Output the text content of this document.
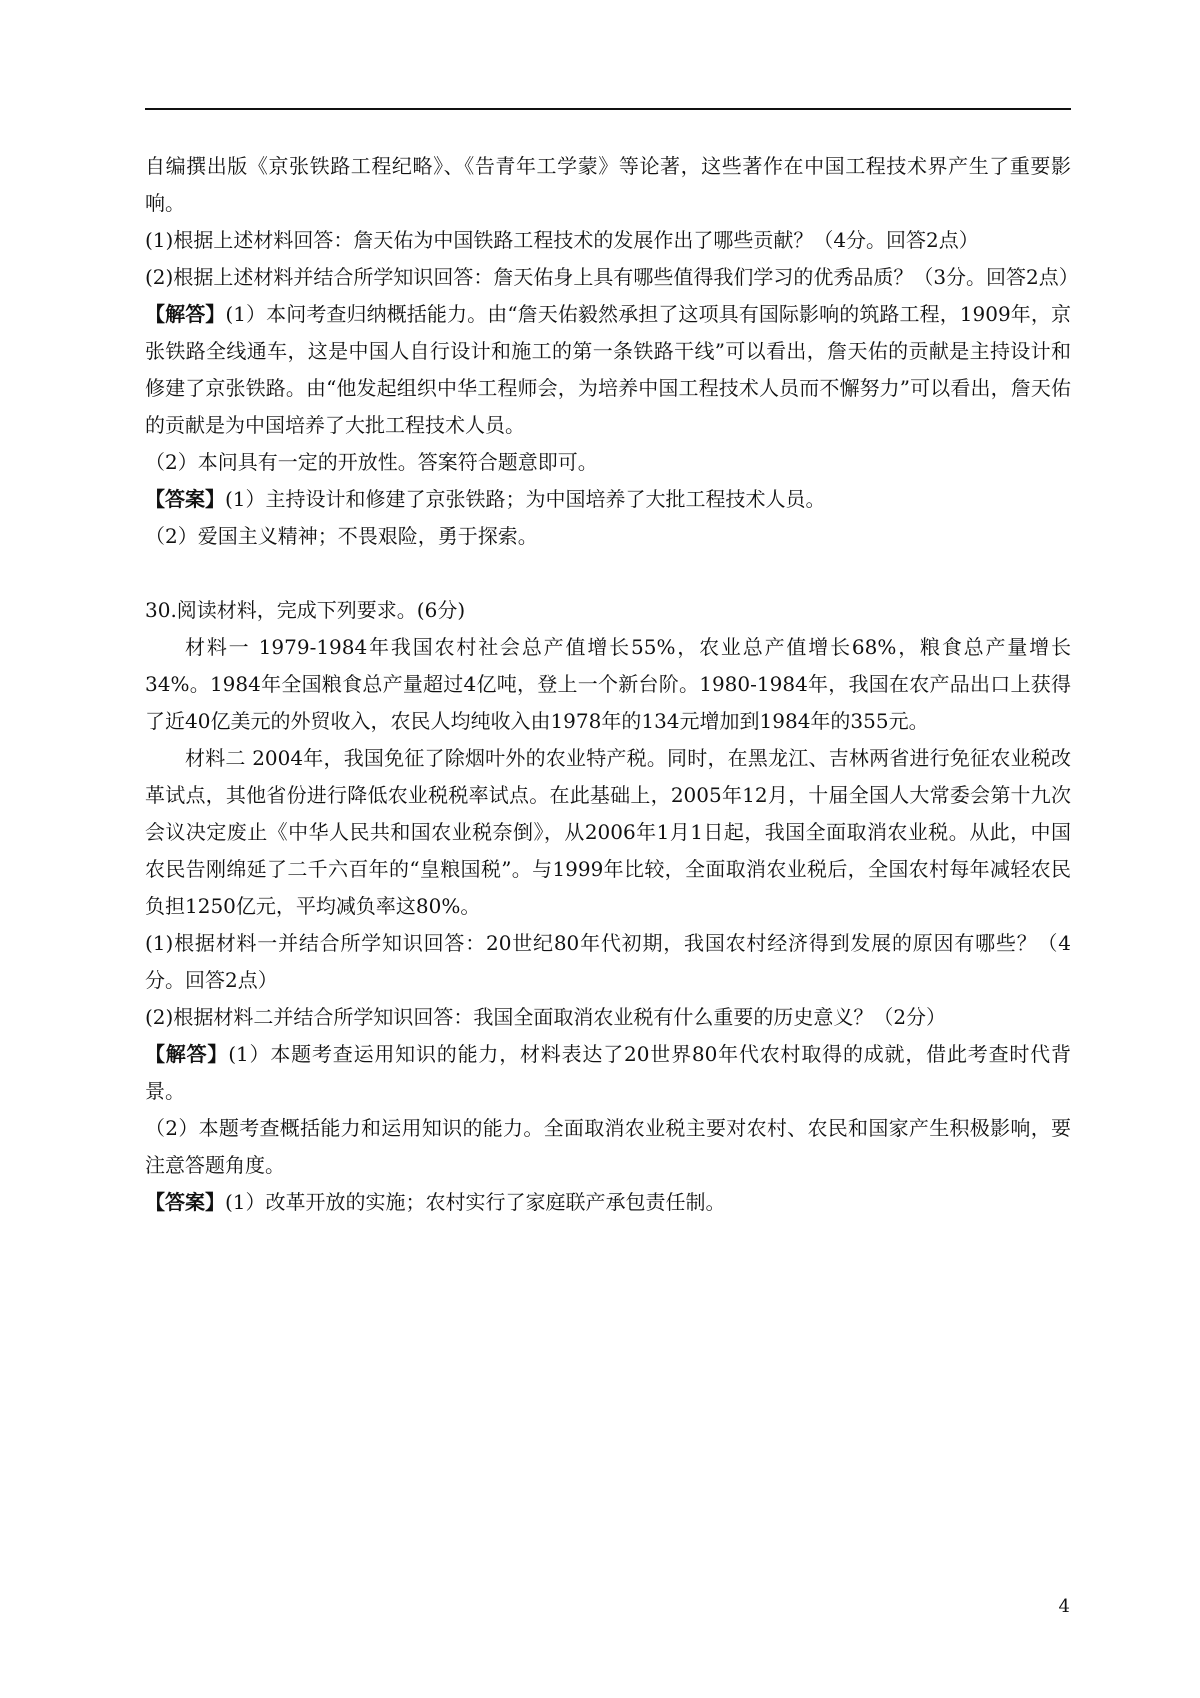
自编撰出版《京张铁路工程纪略》、《告青年工学蒙》等论著，这些著作在中国工程技术界产生了重要影响。

(1)根据上述材料回答：詹天佑为中国铁路工程技术的发展作出了哪些贡献？（4分。回答2点）

(2)根据上述材料并结合所学知识回答：詹天佑身上具有哪些值得我们学习的优秀品质？（3分。回答2点）

【解答】(1）本问考查归纳概括能力。由“詹天佑毅然承担了这项具有国际影响的筑路工程，1909年，京张铁路全线通车，这是中国人自行设计和施工的第一条铁路干线”可以看出，詹天佑的贡献是主持设计和修建了京张铁路。由“他发起组织中华工程师会，为培养中国工程技术人员而不懈努力”可以看出，詹天佑的贡献是为中国培养了大批工程技术人员。

（2）本问具有一定的开放性。答案符合题意即可。

【答案】(1）主持设计和修建了京张铁路；为中国培养了大批工程技术人员。

（2）爱国主义精神；不畏艰险，勇于探索。

30.阅读材料，完成下列要求。(6分)

材料一 1979-1984年我国农村社会总产值增长55%，农业总产值增长68%，粮食总产量增长34%。1984年全国粮食总产量超过4亿吨，登上一个新台阶。1980-1984年，我国在农产品出口上获得了近40亿美元的外贸收入，农民人均纯收入由1978年的134元增加到1984年的355元。

材料二 2004年，我国免征了除烟叶外的农业特产税。同时，在黑龙江、吉林两省进行免征农业税改革试点，其他省份进行降低农业税税率试点。在此基础上，2005年12月，十届全国人大常委会第十九次会议决定废止《中华人民共和国农业税奈倒》，从2006年1月1日起，我国全面取消农业税。从此，中国农民告刚绵延了二千六百年的“皇粮国税”。与1999年比较，全面取消农业税后，全国农村每年减轻农民负担1250亿元，平均减负率这80%。

(1)根据材料一并结合所学知识回答：20世纪80年代初期，我国农村经济得到发展的原因有哪些？（4分。回答2点）

(2)根据材料二并结合所学知识回答：我国全面取消农业税有什么重要的历史意义？（2分）

【解答】(1）本题考查运用知识的能力，材料表达了20世界80年代农村取得的成就，借此考查时代背景。

（2）本题考查概括能力和运用知识的能力。全面取消农业税主要对农村、农民和国家产生积极影响，要注意答题角度。

【答案】(1）改革开放的实施；农村实行了家庭联产承包责任制。

4
